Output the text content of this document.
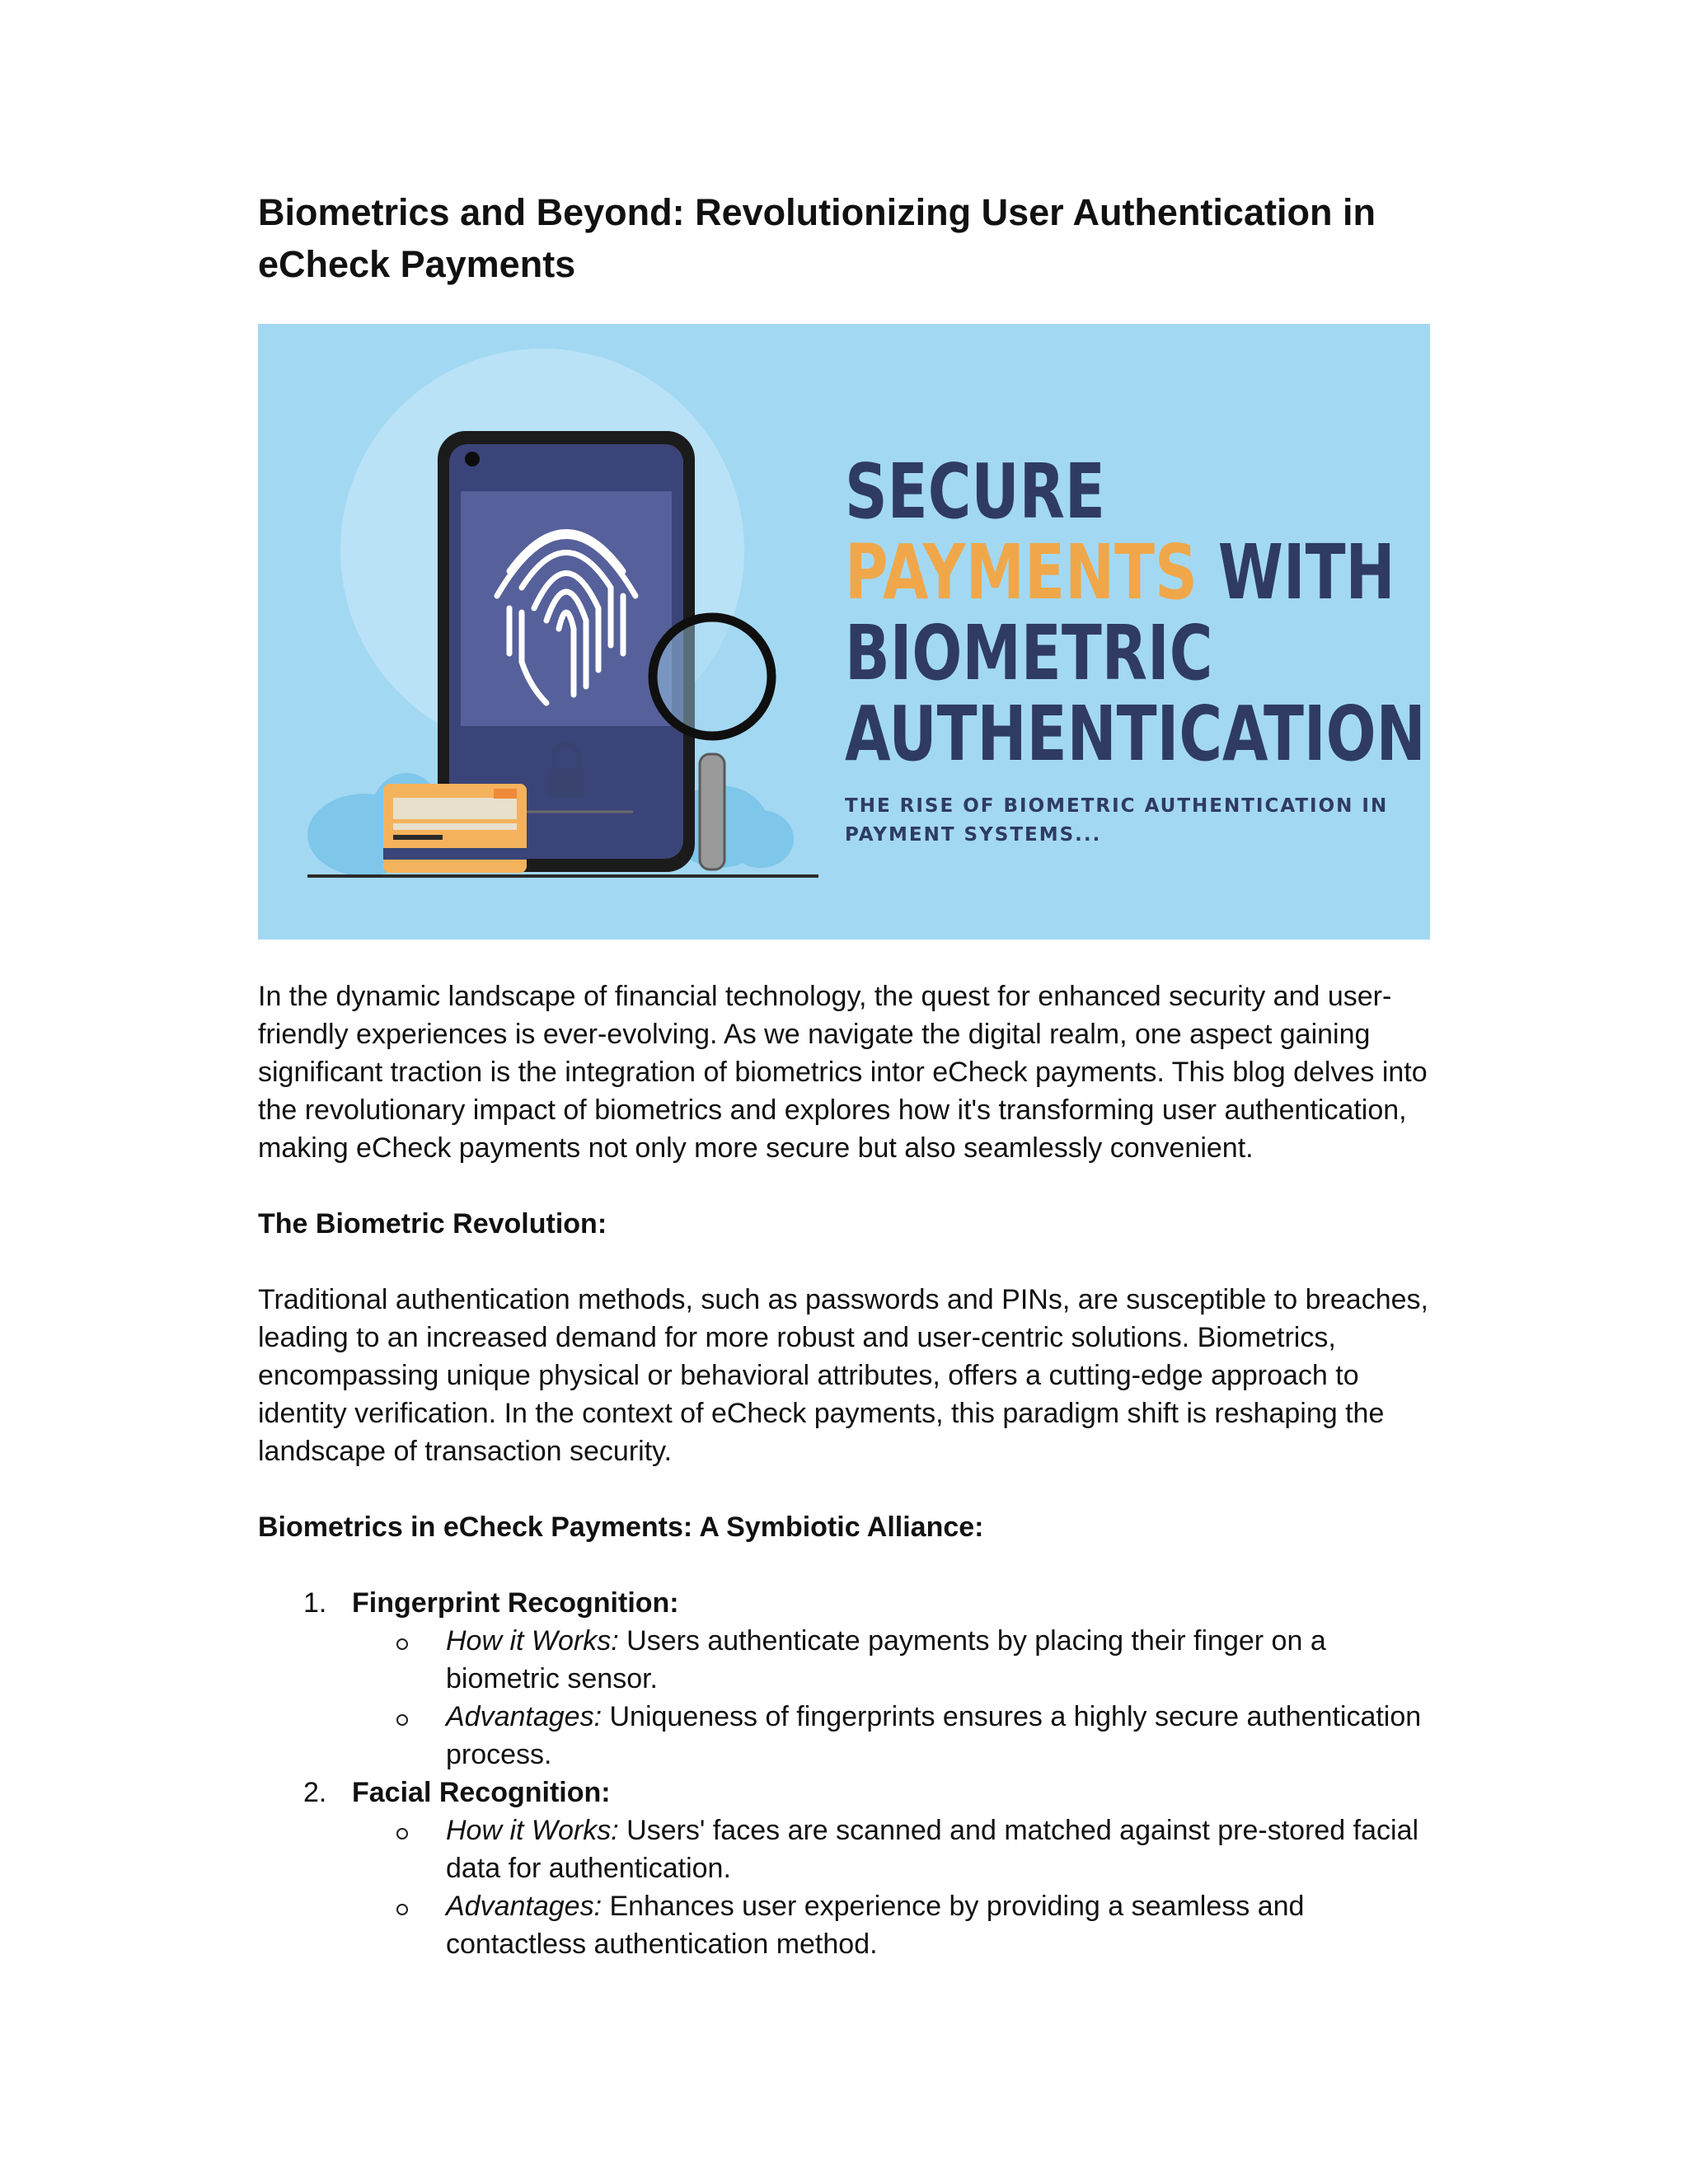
Biometrics and Beyond: Revolutionizing User Authentication in eCheck Payments
SECURE
PAYMENTS WITH
BIOMETRIC
AUTHENTICATION
THE RISE OF BIOMETRIC AUTHENTICATION IN
PAYMENT SYSTEMS...

In the dynamic landscape of financial technology, the quest for enhanced security and user-friendly experiences is ever-evolving. As we navigate the digital realm, one aspect gaining significant traction is the integration of biometrics intor eCheck payments. This blog delves into the revolutionary impact of biometrics and explores how it's transforming user authentication, making eCheck payments not only more secure but also seamlessly convenient.

The Biometric Revolution:

Traditional authentication methods, such as passwords and PINs, are susceptible to breaches, leading to an increased demand for more robust and user-centric solutions. Biometrics, encompassing unique physical or behavioral attributes, offers a cutting-edge approach to identity verification. In the context of eCheck payments, this paradigm shift is reshaping the landscape of transaction security.

Biometrics in eCheck Payments: A Symbiotic Alliance:

1. Fingerprint Recognition:
How it Works: Users authenticate payments by placing their finger on a biometric sensor.
Advantages: Uniqueness of fingerprints ensures a highly secure authentication process.
2. Facial Recognition:
How it Works: Users' faces are scanned and matched against pre-stored facial data for authentication.
Advantages: Enhances user experience by providing a seamless and contactless authentication method.
